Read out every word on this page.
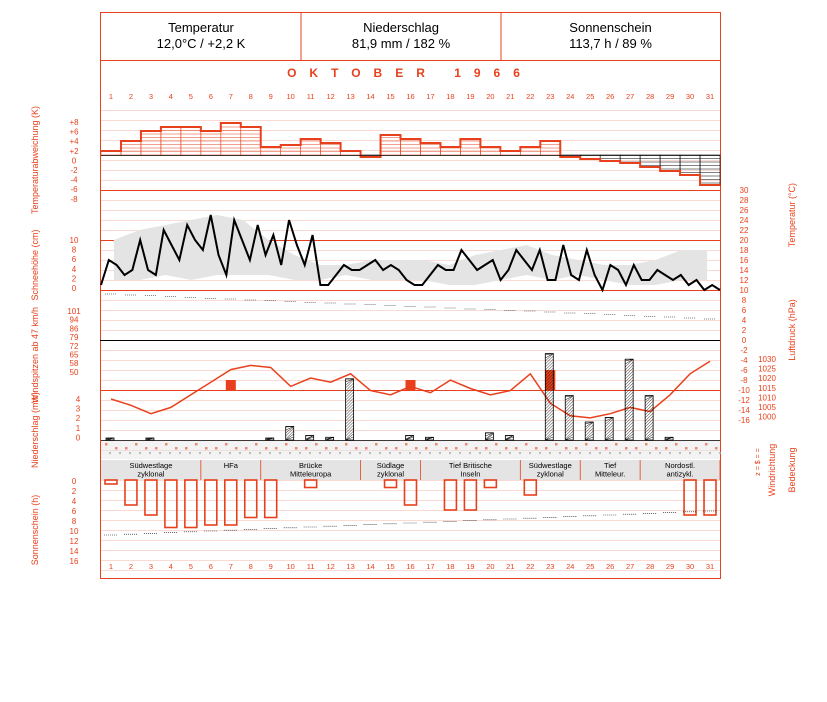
Südwestlage zyklonal
HFa	Brücke Mitteleuropa
Südlage zyklonal
Tief Britische Inseln
Südwestlage zyklonal
Tief Mitteleur.
Nordostl. antizykl.
Temperaturabweichung (K)
Schneehöhe (cm)
Windspitzen ab 47 km/h
Niederschlag (mm)
Sonnenschein (h)
Temperatur (°C)
Luftdruck (hPa)
Windrichtung Bedeckung
z = $ = =
+8
+6
+4
+2
0
-2
-4
-6
-8
10
8
6
4
2
0
30
28
26
24
22
20
18
16
14
12
10
101
94
86
79
72
65
58
50
8
6
4
2
0
-2
-4
-6
-8
-10
-12
-14
-16
1030
1025
1020
1015
1010
1005
1000
4
3
2
1
0
0
2
4
6
8
10
12
14
16
1
1
2
2
3
3
4
4
5
5
6
6
7
7
8
8
9
9
10
10
11
11
12
12
13
13
14
14
15
15
16
16
17
17
18
18
19
19
20
20
21
21
22
22
23
23
24
24
25
25
26
26
27
27
28
28
29
29
30
30
31
31
Temperatur
12,0°C / +2,2 K
Niederschlag
81,9 mm / 182 %
Sonnenschein
113,7 h / 89 %
OKTOBER 1966
